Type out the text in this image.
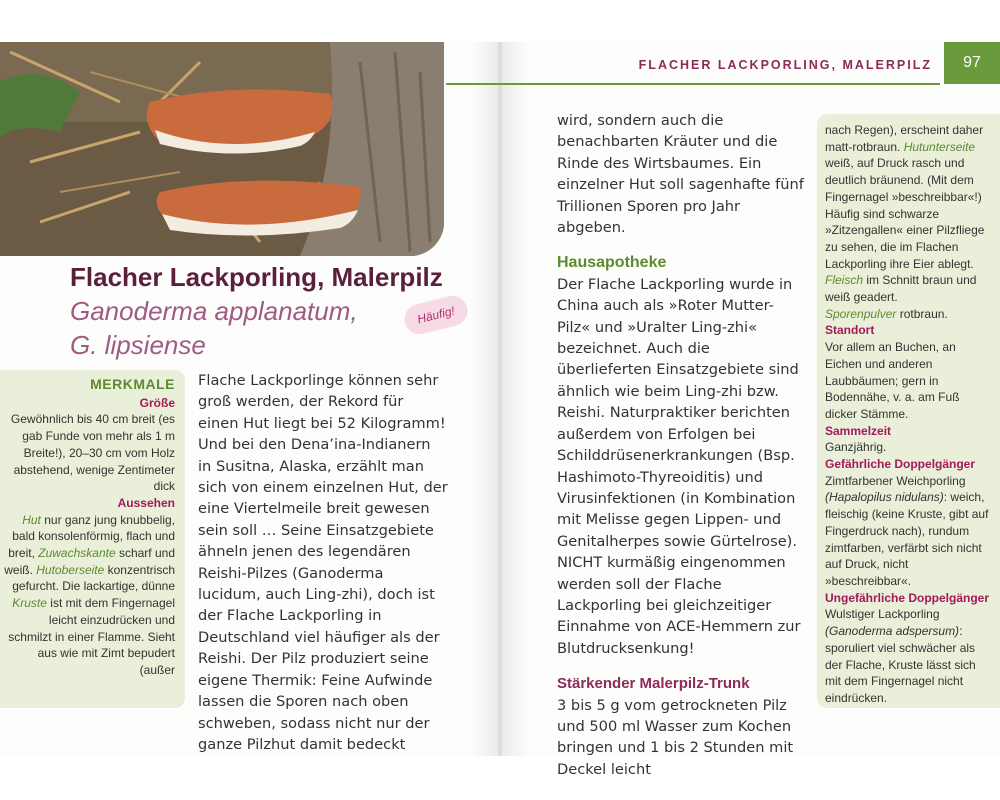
Flacher Lackporling, Malerpilz
Ganoderma applanatum,
G. lipsiense
Häufig!
MERKMALE
Größe
Gewöhnlich bis 40 cm breit (es gab Funde von mehr als 1 m Breite!), 20–30 cm vom Holz abstehend, wenige Zentimeter dick
Aussehen
Hut nur ganz jung knubbelig, bald konsolenförmig, flach und breit, Zuwachskante scharf und weiß. Hutoberseite konzentrisch gefurcht. Die lackartige, dünne Kruste ist mit dem Fingernagel leicht einzudrücken und schmilzt in einer Flamme. Sieht aus wie mit Zimt bepudert (außer

Flache Lackporlinge können sehr groß werden, der Rekord für einen Hut liegt bei 52 Kilogramm! Und bei den Dena’ina-Indianern in Susitna, Alaska, erzählt man sich von einem einzelnen Hut, der eine Viertelmeile breit gewesen sein soll … Seine Einsatzgebiete ähneln jenen des legendären Reishi-Pilzes (Ganoderma lucidum, auch Ling-zhi), doch ist der Flache Lackporling in Deutschland viel häufiger als der Reishi. Der Pilz produziert seine eigene Thermik: Feine Aufwinde lassen die Sporen nach oben schweben, sodass nicht nur der ganze Pilzhut damit bedeckt

FLACHER LACKPORLING, MALERPILZ	97

wird, sondern auch die benachbarten Kräuter und die Rinde des Wirtsbaumes. Ein einzelner Hut soll sagenhafte fünf Trillionen Sporen pro Jahr abgeben.

Hausapotheke

Der Flache Lackporling wurde in China auch als »Roter Mutter-Pilz« und »Uralter Ling-zhi« bezeichnet. Auch die überlieferten Einsatzgebiete sind ähnlich wie beim Ling-zhi bzw. Reishi. Naturpraktiker berichten außerdem von Erfolgen bei Schilddrüsenerkrankungen (Bsp. Hashimoto-Thyreoiditis) und Virusinfektionen (in Kombination mit Melisse gegen Lippen- und Genitalherpes sowie Gürtelrose).

NICHT kurmäßig eingenommen werden soll der Flache Lackporling bei gleichzeitiger Einnahme von ACE-Hemmern zur Blutdrucksenkung!

Stärkender Malerpilz-Trunk

3 bis 5 g vom getrockneten Pilz und 500 ml Wasser zum Kochen bringen und 1 bis 2 Stunden mit Deckel leicht

nach Regen), erscheint daher matt-rotbraun. Hutunterseite weiß, auf Druck rasch und deutlich bräunend. (Mit dem Fingernagel »beschreibbar«!) Häufig sind schwarze »Zitzengallen« einer Pilzfliege zu sehen, die im Flachen Lackporling ihre Eier ablegt.
Fleisch im Schnitt braun und weiß geadert.
Sporenpulver rotbraun.
Standort
Vor allem an Buchen, an Eichen und anderen Laubbäumen; gern in Bodennähe, v. a. am Fuß dicker Stämme.
Sammelzeit
Ganzjährig.
Gefährliche Doppelgänger
Zimtfarbener Weichporling (Hapalopilus nidulans): weich, fleischig (keine Kruste, gibt auf Fingerdruck nach), rundum zimtfarben, verfärbt sich nicht auf Druck, nicht »beschreibbar«.
Ungefährliche Doppelgänger
Wulstiger Lackporling (Ganoderma adspersum): sporuliert viel schwächer als der Flache, Kruste lässt sich mit dem Fingernagel nicht eindrücken.
